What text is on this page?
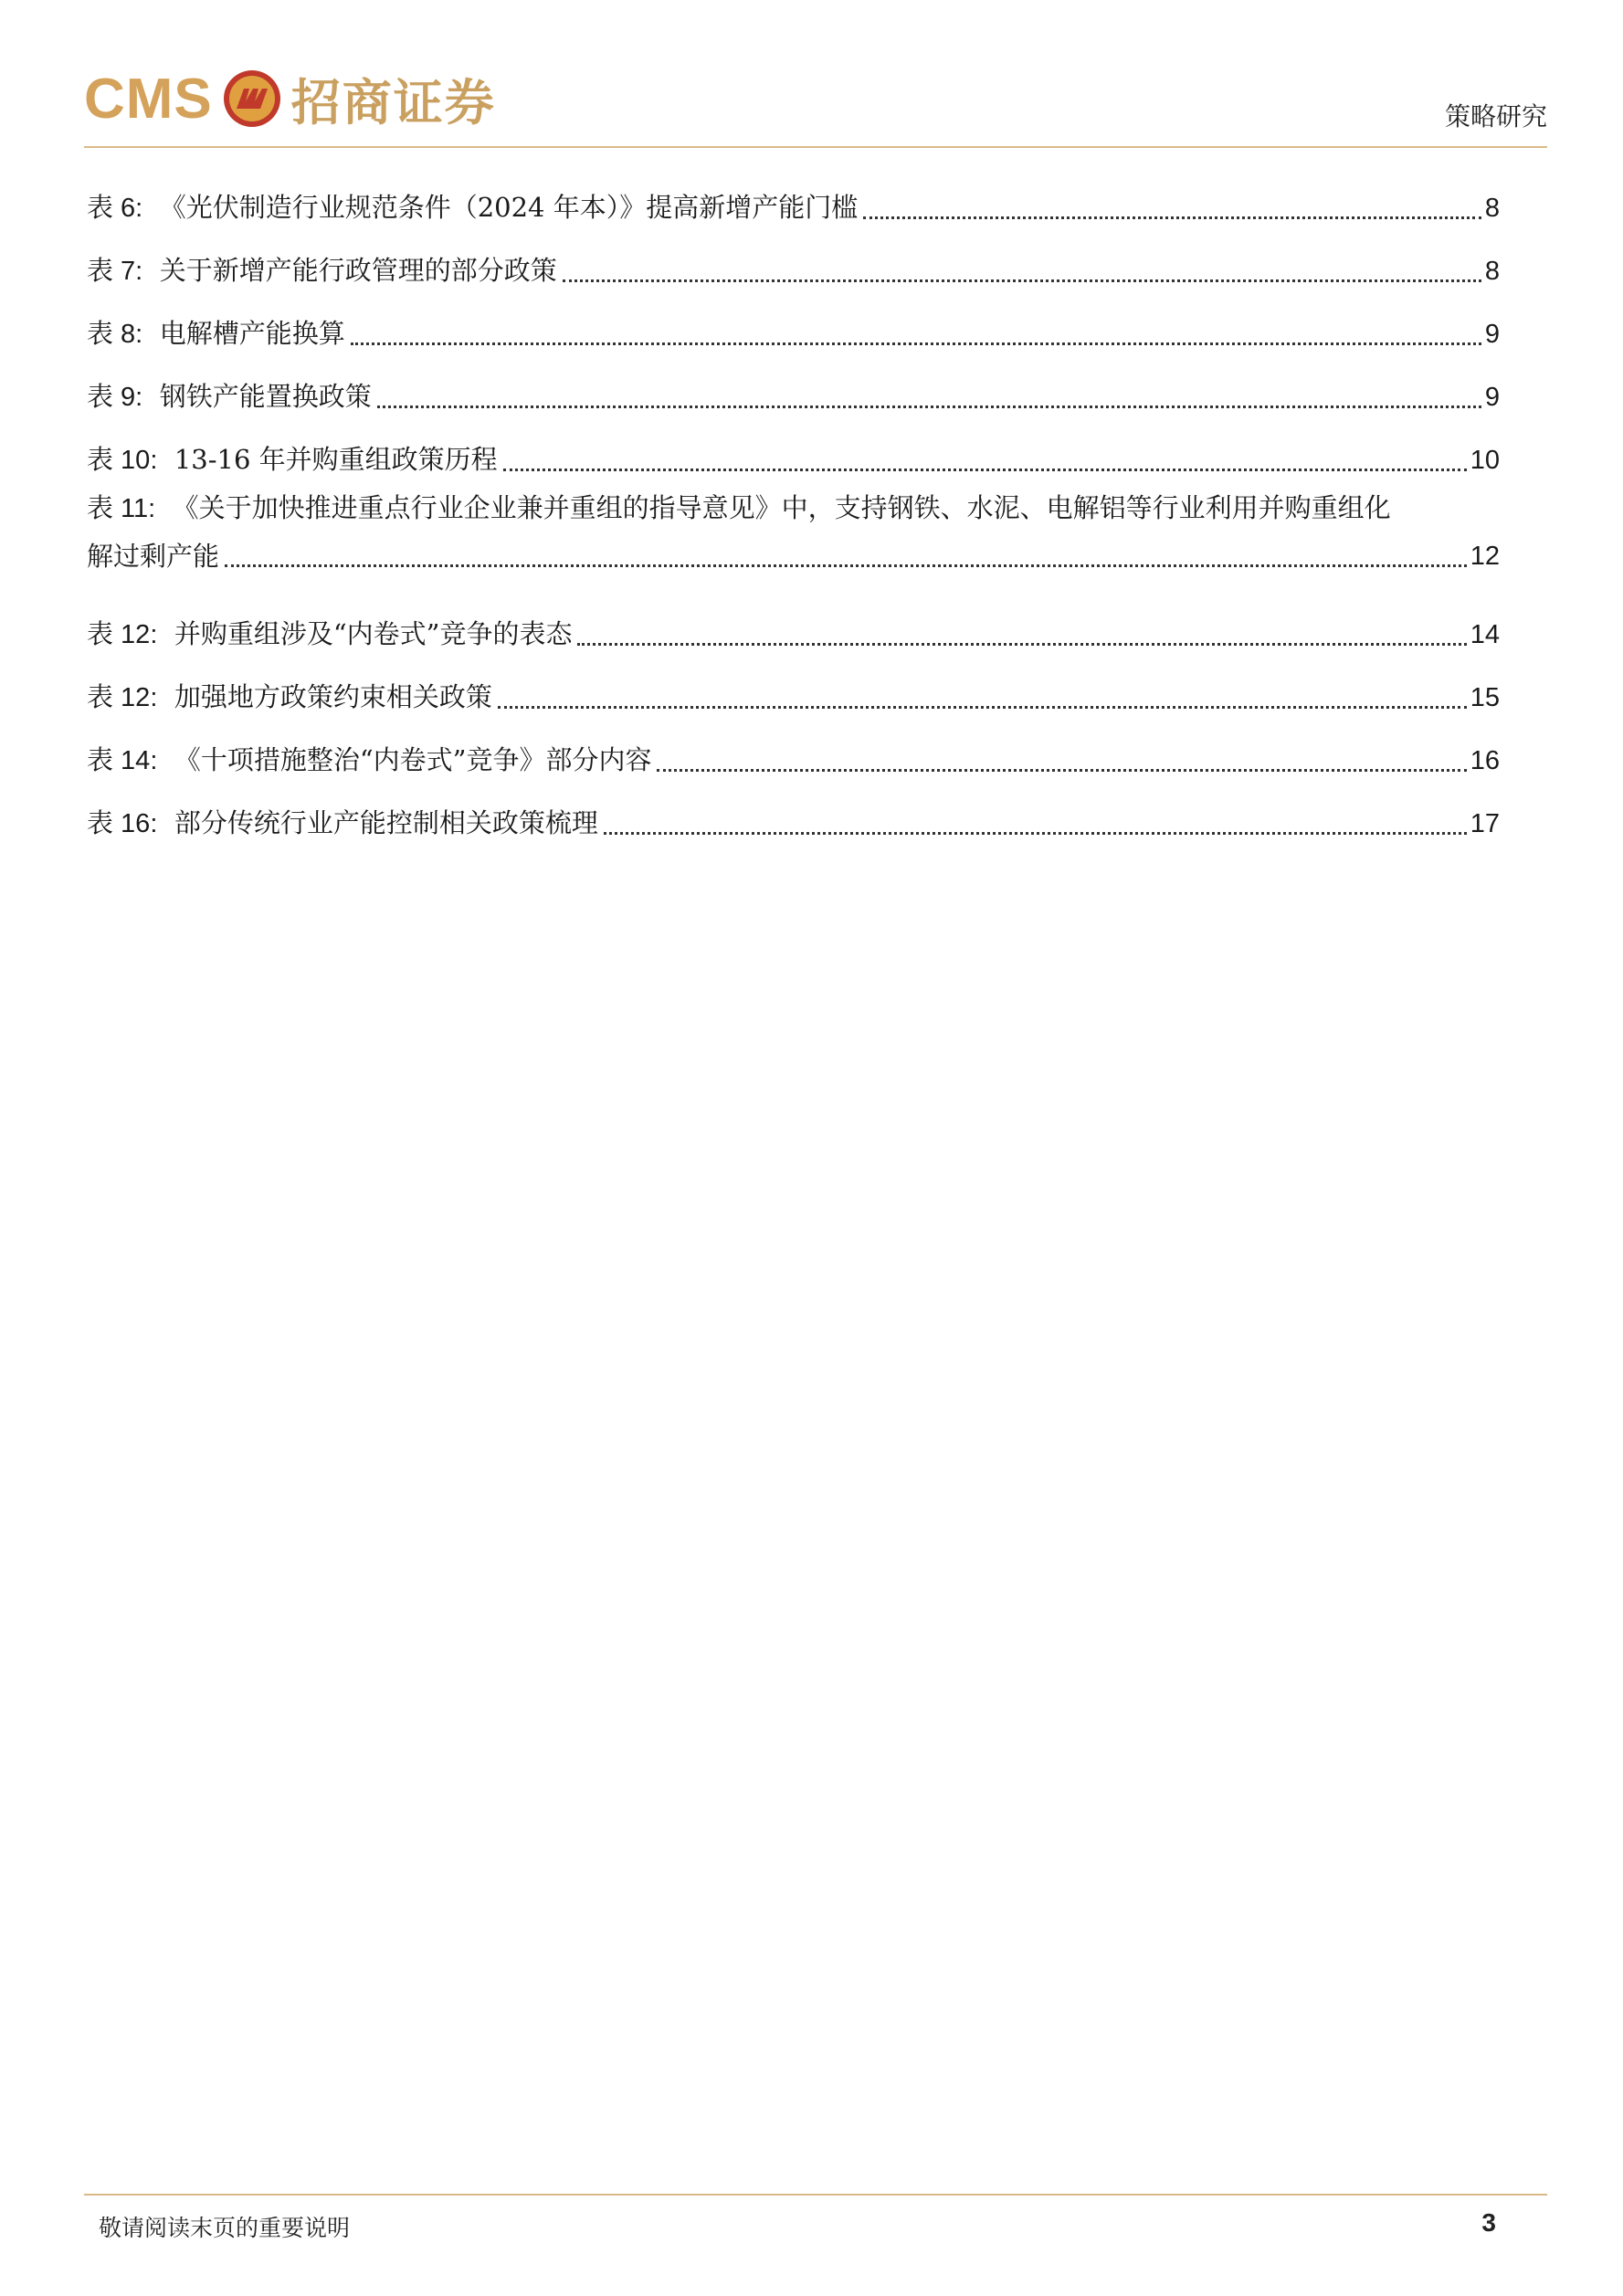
CMS 招商证券	策略研究
表 6: 《光伏制造行业规范条件（2024 年本）》提高新增产能门槛	8
表 7: 关于新增产能行政管理的部分政策	8
表 8: 电解槽产能换算	9
表 9: 钢铁产能置换政策	9
表 10: 13-16 年并购重组政策历程	10
表 11: 《关于加快推进重点行业企业兼并重组的指导意见》中，支持钢铁、水泥、电解铝等行业利用并购重组化
解过剩产能	12
表 12: 并购重组涉及“内卷式”竞争的表态	14
表 12: 加强地方政策约束相关政策	15
表 14: 《十项措施整治“内卷式”竞争》部分内容	16
表 16: 部分传统行业产能控制相关政策梳理	17
敬请阅读末页的重要说明	3
